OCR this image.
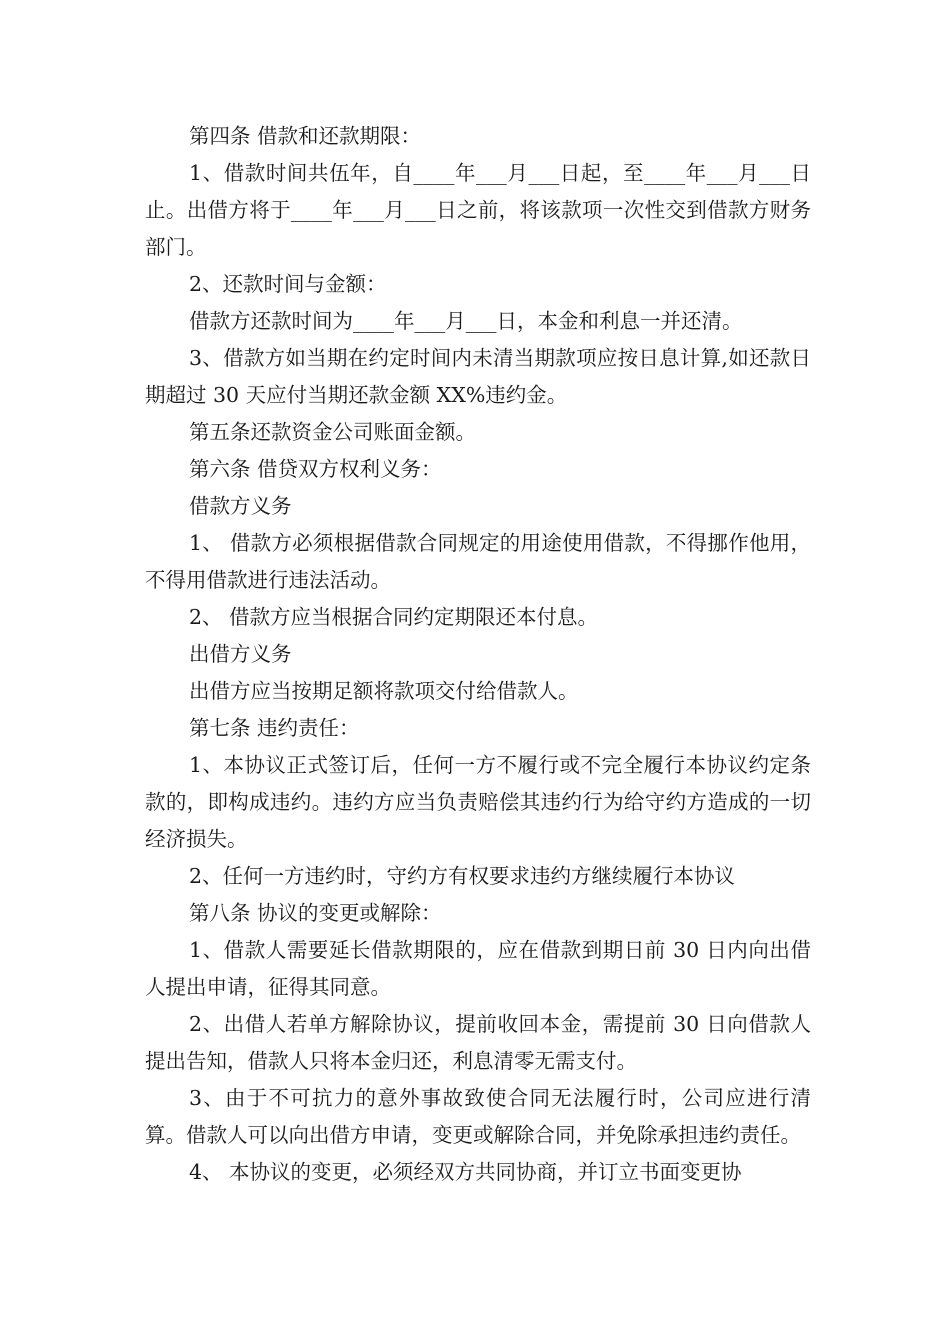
第四条 借款和还款期限：

1、借款时间共伍年，自____年___月___日起，至____年___月___日止。出借方将于____年___月___日之前，将该款项一次性交到借款方财务部门。

2、还款时间与金额：

借款方还款时间为____年___月___日，本金和利息一并还清。

3、借款方如当期在约定时间内未清当期款项应按日息计算,如还款日期超过 30 天应付当期还款金额 XX%违约金。

第五条还款资金公司账面金额。

第六条 借贷双方权利义务：

借款方义务

1、 借款方必须根据借款合同规定的用途使用借款，不得挪作他用，不得用借款进行违法活动。

2、 借款方应当根据合同约定期限还本付息。

出借方义务

出借方应当按期足额将款项交付给借款人。

第七条 违约责任：

1、本协议正式签订后，任何一方不履行或不完全履行本协议约定条款的，即构成违约。违约方应当负责赔偿其违约行为给守约方造成的一切经济损失。

2、任何一方违约时，守约方有权要求违约方继续履行本协议

第八条 协议的变更或解除：

1、借款人需要延长借款期限的，应在借款到期日前 30 日内向出借人提出申请，征得其同意。

2、出借人若单方解除协议，提前收回本金，需提前 30 日向借款人提出告知，借款人只将本金归还，利息清零无需支付。

3、由于不可抗力的意外事故致使合同无法履行时，公司应进行清算。借款人可以向出借方申请，变更或解除合同，并免除承担违约责任。

4、 本协议的变更，必须经双方共同协商，并订立书面变更协
